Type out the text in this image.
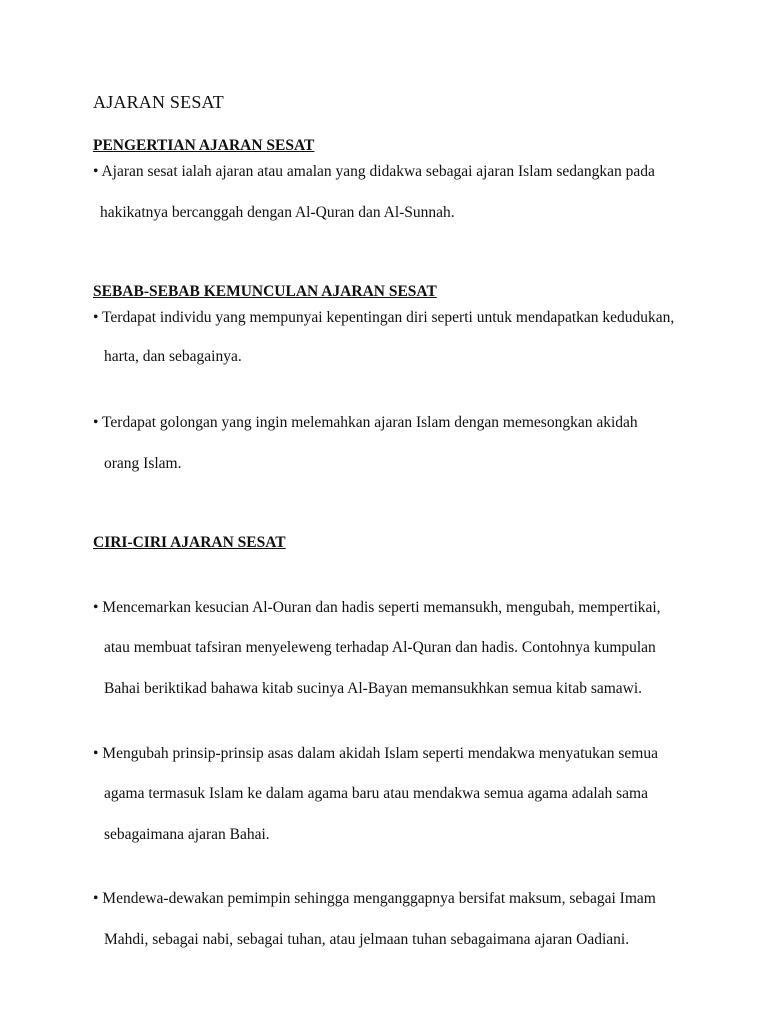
AJARAN SESAT
PENGERTIAN AJARAN SESAT

• Ajaran sesat ialah ajaran atau amalan yang didakwa sebagai ajaran Islam sedangkan pada

hakikatnya bercanggah dengan Al-Quran dan Al-Sunnah.

SEBAB-SEBAB KEMUNCULAN AJARAN SESAT

• Terdapat individu yang mempunyai kepentingan diri seperti untuk mendapatkan kedudukan,

harta, dan sebagainya.

• Terdapat golongan yang ingin melemahkan ajaran Islam dengan memesongkan akidah

orang Islam.

CIRI-CIRI AJARAN SESAT

• Mencemarkan kesucian Al-Ouran dan hadis seperti memansukh, mengubah, mempertikai,

atau membuat tafsiran menyeleweng terhadap Al-Quran dan hadis. Contohnya kumpulan

Bahai beriktikad bahawa kitab sucinya Al-Bayan memansukhkan semua kitab samawi.

• Mengubah prinsip-prinsip asas dalam akidah Islam seperti mendakwa menyatukan semua

agama termasuk Islam ke dalam agama baru atau mendakwa semua agama adalah sama

sebagaimana ajaran Bahai.

• Mendewa-dewakan pemimpin sehingga menganggapnya bersifat maksum, sebagai Imam

Mahdi, sebagai nabi, sebagai tuhan, atau jelmaan tuhan sebagaimana ajaran Oadiani.
